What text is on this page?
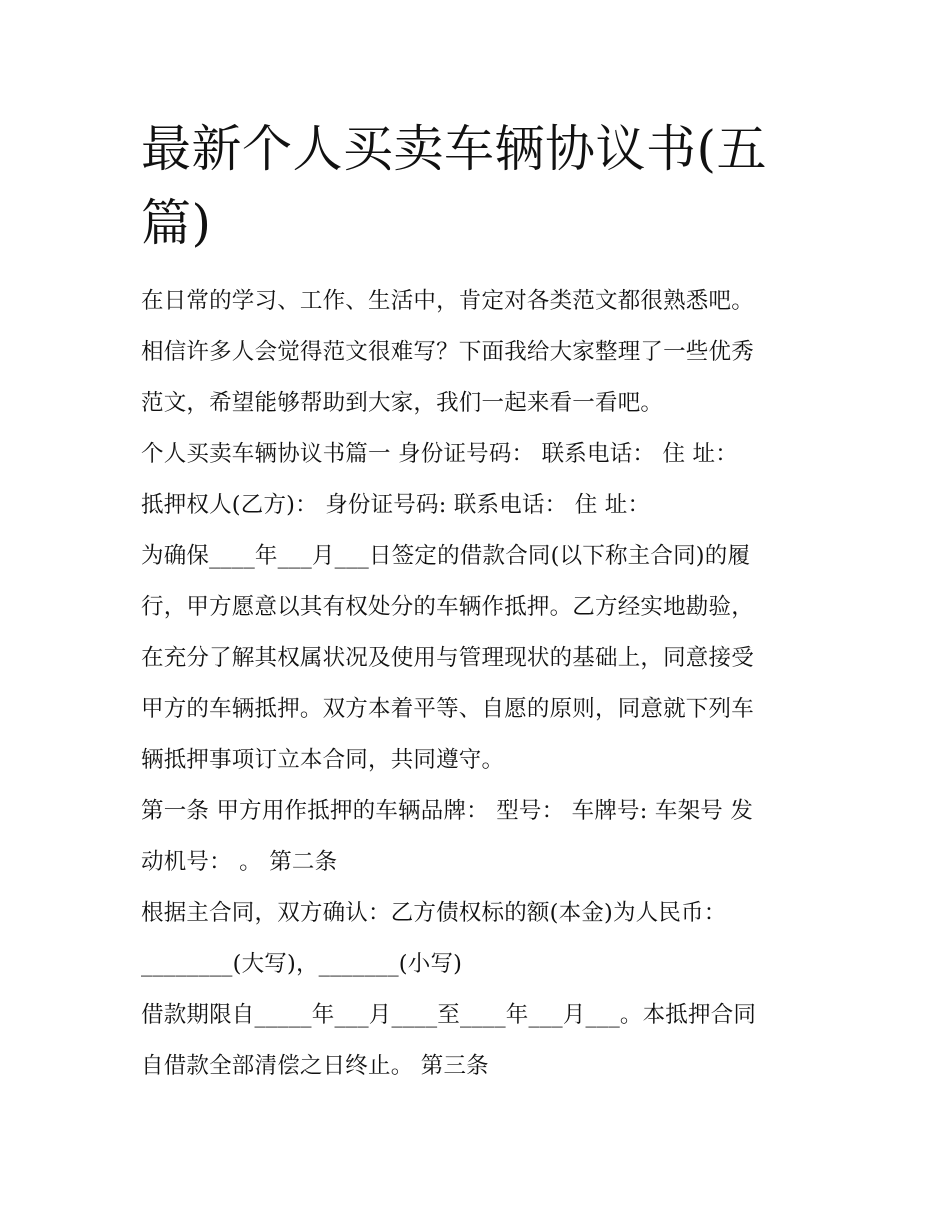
最新个人买卖车辆协议书(五
篇)

在日常的学习、工作、生活中，肯定对各类范文都很熟悉吧。
相信许多人会觉得范文很难写？下面我给大家整理了一些优秀
范文，希望能够帮助到大家，我们一起来看一看吧。

个人买卖车辆协议书篇一 身份证号码： 联系电话： 住 址：

抵押权人(乙方)： 身份证号码: 联系电话： 住 址：

为确保____年___月___日签定的借款合同(以下称主合同)的履
行，甲方愿意以其有权处分的车辆作抵押。乙方经实地勘验，
在充分了解其权属状况及使用与管理现状的基础上，同意接受
甲方的车辆抵押。双方本着平等、自愿的原则，同意就下列车
辆抵押事项订立本合同，共同遵守。

第一条 甲方用作抵押的车辆品牌： 型号： 车牌号: 车架号 发
动机号： 。 第二条

根据主合同，双方确认：乙方债权标的额(本金)为人民币：
________(大写)，_______(小写)

借款期限自_____年___月____至____年___月___。本抵押合同
自借款全部清偿之日终止。 第三条
